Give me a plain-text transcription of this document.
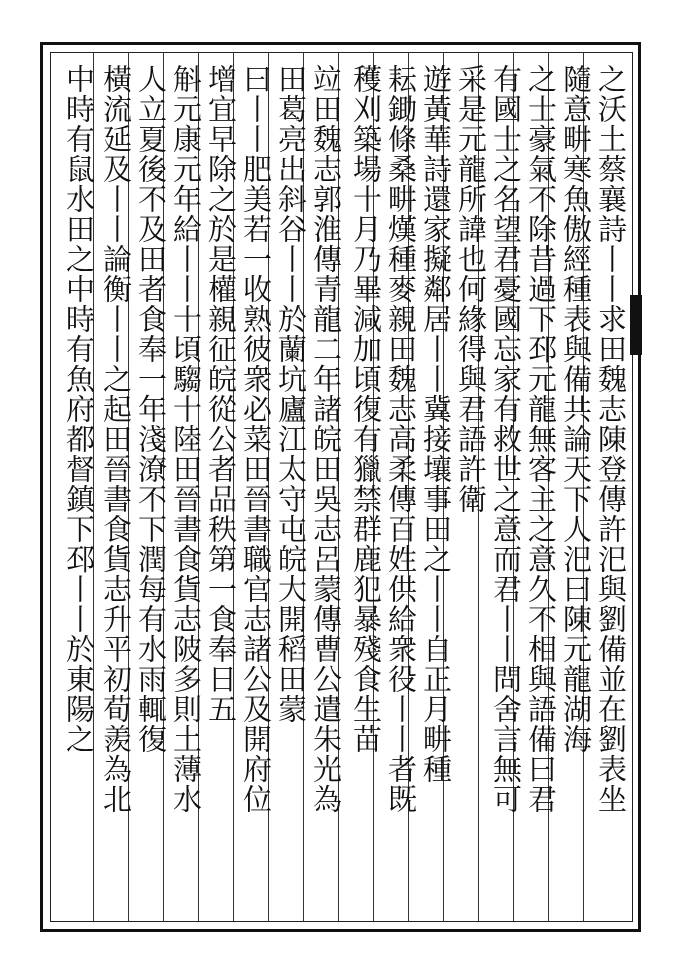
之沃土蔡襄詩丨丨求田魏志陳登傳許汜與劉備並在劉表坐
隨意畊寒魚傲經種表與備共論天下人汜曰陳元龍湖海
之士豪氣不除昔過下邳元龍無客主之意久不相與語備曰君
有國士之名望君憂國忘家有救世之意而君丨丨問舍言無可
采是元龍所諱也何緣得與君語許衛
遊黃華詩還家擬鄰居丨丨冀接壤事田之丨丨自正月畊種
耘鋤條桑畊熯種麥親田魏志高柔傳百姓供給衆役丨丨者既
穫刈築場十月乃畢減加頃復有獵禁群鹿犯暴殘食生苗
竝田魏志郭淮傳青龍二年諸皖田吳志呂蒙傳曹公遣朱光為
田葛亮出斜谷丨丨於蘭坑廬江太守屯皖大開稻田蒙
曰丨丨肥美若一收熟彼衆必菜田晉書職官志諸公及開府位
增宜早除之於是權親征皖從公者品秩第一食奉日五
斛元康元年給丨丨十頃騶十陸田晉書食貨志陂多則土薄水
人立夏後不及田者食奉一年淺潦不下潤每有水雨輒復
橫流延及丨丨論衡丨丨之起田晉書食貨志升平初荀羨為北
中時有鼠水田之中時有魚府都督鎮下邳丨丨於東陽之
